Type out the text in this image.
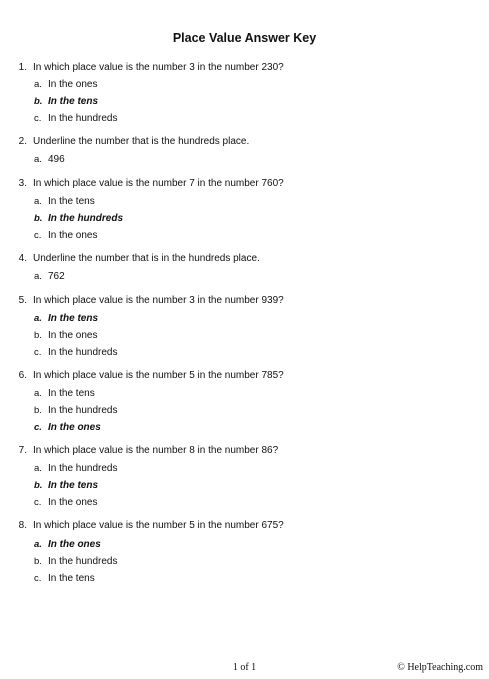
Place Value Answer Key
1. In which place value is the number 3 in the number 230?
a. In the ones
b. In the tens
c. In the hundreds
2. Underline the number that is the hundreds place.
a. 496
3. In which place value is the number 7 in the number 760?
a. In the tens
b. In the hundreds
c. In the ones
4. Underline the number that is in the hundreds place.
a. 762
5. In which place value is the number 3 in the number 939?
a. In the tens
b. In the ones
c. In the hundreds
6. In which place value is the number 5 in the number 785?
a. In the tens
b. In the hundreds
c. In the ones
7. In which place value is the number 8 in the number 86?
a. In the hundreds
b. In the tens
c. In the ones
8. In which place value is the number 5 in the number 675?
a. In the ones
b. In the hundreds
c. In the tens
1 of 1	© HelpTeaching.com
